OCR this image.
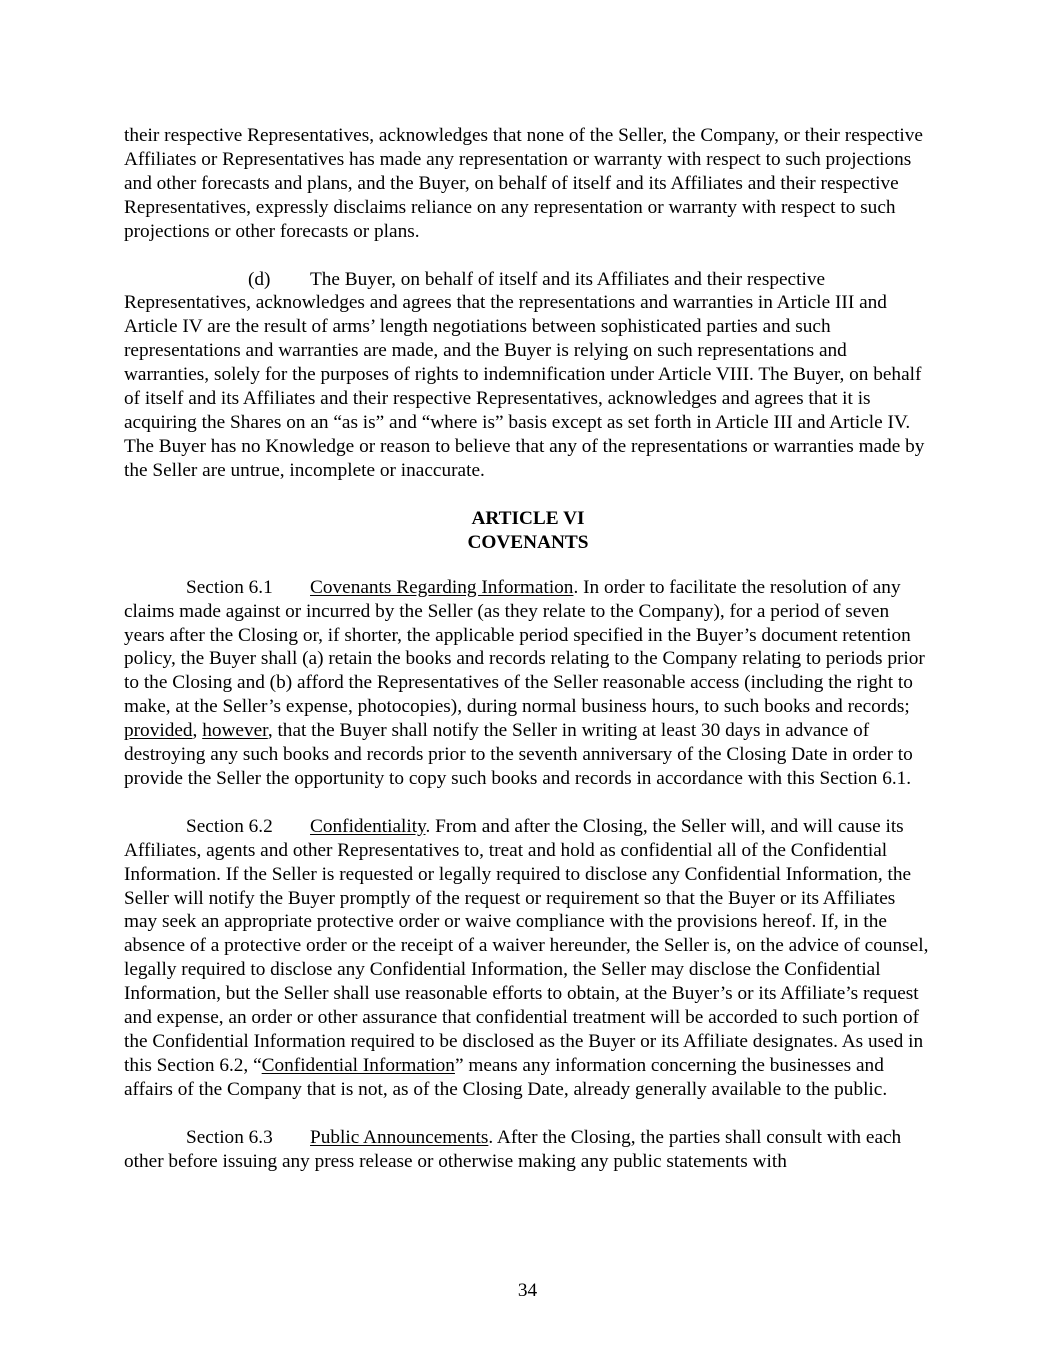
their respective Representatives, acknowledges that none of the Seller, the Company, or their respective Affiliates or Representatives has made any representation or warranty with respect to such projections and other forecasts and plans, and the Buyer, on behalf of itself and its Affiliates and their respective Representatives, expressly disclaims reliance on any representation or warranty with respect to such projections or other forecasts or plans.

(d) The Buyer, on behalf of itself and its Affiliates and their respective Representatives, acknowledges and agrees that the representations and warranties in Article III and Article IV are the result of arms’ length negotiations between sophisticated parties and such representations and warranties are made, and the Buyer is relying on such representations and warranties, solely for the purposes of rights to indemnification under Article VIII. The Buyer, on behalf of itself and its Affiliates and their respective Representatives, acknowledges and agrees that it is acquiring the Shares on an “as is” and “where is” basis except as set forth in Article III and Article IV. The Buyer has no Knowledge or reason to believe that any of the representations or warranties made by the Seller are untrue, incomplete or inaccurate.

ARTICLE VI
COVENANTS

Section 6.1 Covenants Regarding Information. In order to facilitate the resolution of any claims made against or incurred by the Seller (as they relate to the Company), for a period of seven years after the Closing or, if shorter, the applicable period specified in the Buyer’s document retention policy, the Buyer shall (a) retain the books and records relating to the Company relating to periods prior to the Closing and (b) afford the Representatives of the Seller reasonable access (including the right to make, at the Seller’s expense, photocopies), during normal business hours, to such books and records; provided, however, that the Buyer shall notify the Seller in writing at least 30 days in advance of destroying any such books and records prior to the seventh anniversary of the Closing Date in order to provide the Seller the opportunity to copy such books and records in accordance with this Section 6.1.

Section 6.2 Confidentiality. From and after the Closing, the Seller will, and will cause its Affiliates, agents and other Representatives to, treat and hold as confidential all of the Confidential Information. If the Seller is requested or legally required to disclose any Confidential Information, the Seller will notify the Buyer promptly of the request or requirement so that the Buyer or its Affiliates may seek an appropriate protective order or waive compliance with the provisions hereof. If, in the absence of a protective order or the receipt of a waiver hereunder, the Seller is, on the advice of counsel, legally required to disclose any Confidential Information, the Seller may disclose the Confidential Information, but the Seller shall use reasonable efforts to obtain, at the Buyer’s or its Affiliate’s request and expense, an order or other assurance that confidential treatment will be accorded to such portion of the Confidential Information required to be disclosed as the Buyer or its Affiliate designates. As used in this Section 6.2, “Confidential Information” means any information concerning the businesses and affairs of the Company that is not, as of the Closing Date, already generally available to the public.

Section 6.3 Public Announcements. After the Closing, the parties shall consult with each other before issuing any press release or otherwise making any public statements with

34
